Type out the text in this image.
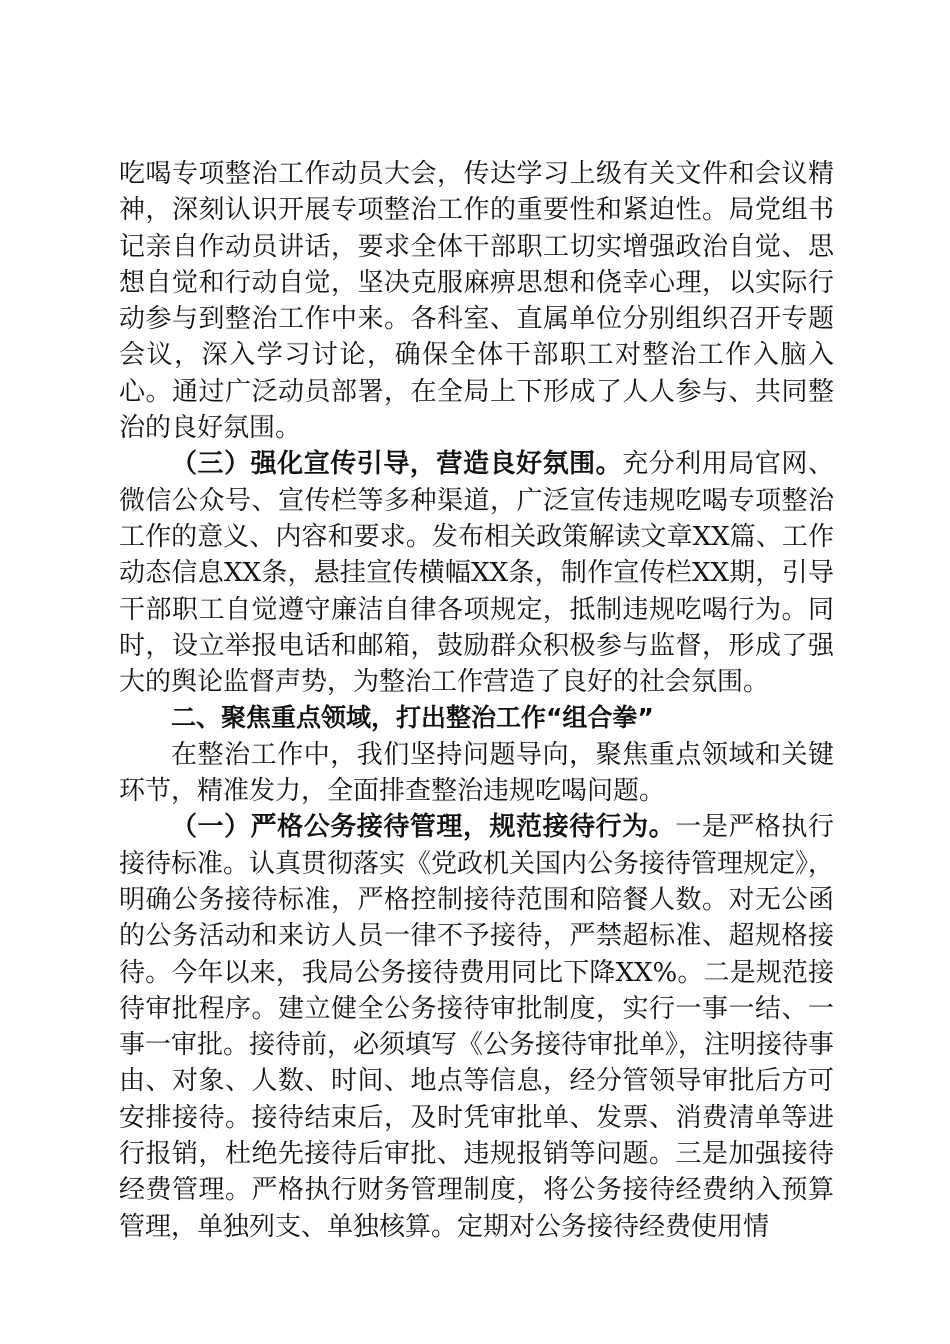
吃喝专项整治工作动员大会，传达学习上级有关文件和会议精神，深刻认识开展专项整治工作的重要性和紧迫性。局党组书记亲自作动员讲话，要求全体干部职工切实增强政治自觉、思想自觉和行动自觉，坚决克服麻痹思想和侥幸心理，以实际行动参与到整治工作中来。各科室、直属单位分别组织召开专题会议，深入学习讨论，确保全体干部职工对整治工作入脑入心。通过广泛动员部署，在全局上下形成了人人参与、共同整治的良好氛围。

（三）强化宣传引导，营造良好氛围。充分利用局官网、微信公众号、宣传栏等多种渠道，广泛宣传违规吃喝专项整治工作的意义、内容和要求。发布相关政策解读文章XX篇、工作动态信息XX条，悬挂宣传横幅XX条，制作宣传栏XX期，引导干部职工自觉遵守廉洁自律各项规定，抵制违规吃喝行为。同时，设立举报电话和邮箱，鼓励群众积极参与监督，形成了强大的舆论监督声势，为整治工作营造了良好的社会氛围。

二、聚焦重点领域，打出整治工作“组合拳”

在整治工作中，我们坚持问题导向，聚焦重点领域和关键环节，精准发力，全面排查整治违规吃喝问题。

（一）严格公务接待管理，规范接待行为。一是严格执行接待标准。认真贯彻落实《党政机关国内公务接待管理规定》，明确公务接待标准，严格控制接待范围和陪餐人数。对无公函的公务活动和来访人员一律不予接待，严禁超标准、超规格接待。今年以来，我局公务接待费用同比下降XX%。二是规范接待审批程序。建立健全公务接待审批制度，实行一事一结、一事一审批。接待前，必须填写《公务接待审批单》，注明接待事由、对象、人数、时间、地点等信息，经分管领导审批后方可安排接待。接待结束后，及时凭审批单、发票、消费清单等进行报销，杜绝先接待后审批、违规报销等问题。三是加强接待经费管理。严格执行财务管理制度，将公务接待经费纳入预算管理，单独列支、单独核算。定期对公务接待经费使用情
